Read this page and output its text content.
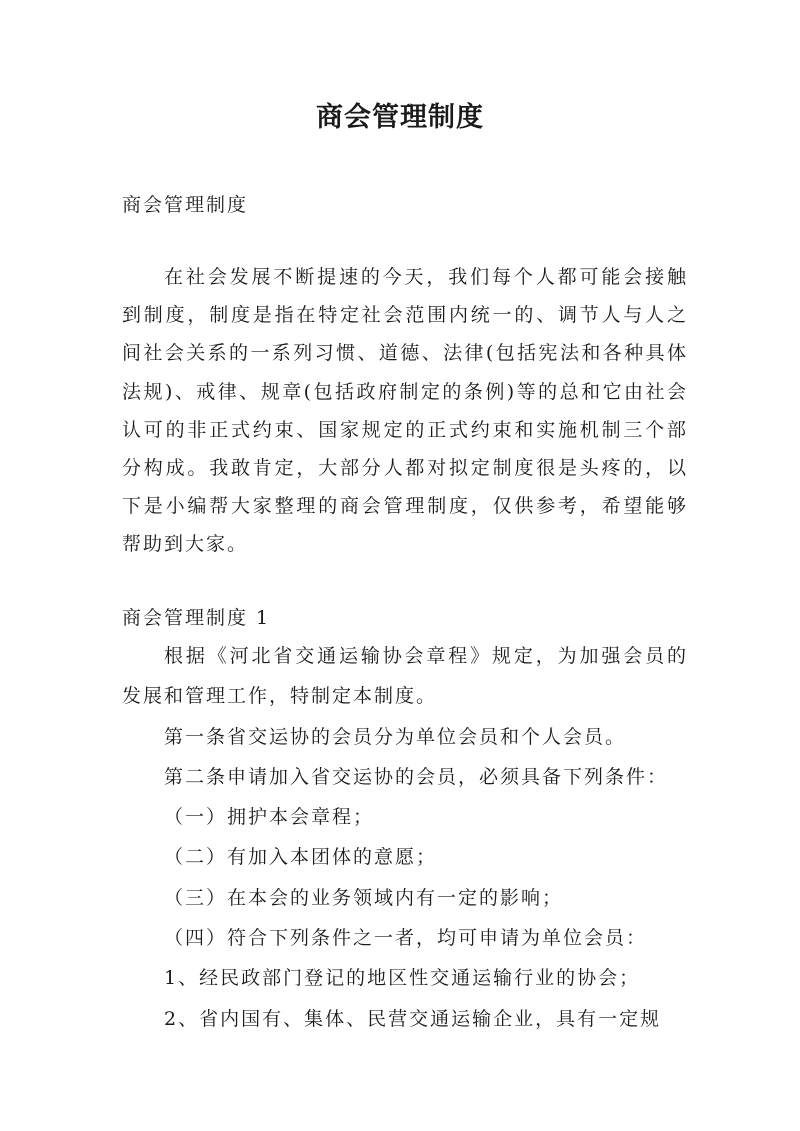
商会管理制度
商会管理制度

在社会发展不断提速的今天，我们每个人都可能会接触到制度，制度是指在特定社会范围内统一的、调节人与人之间社会关系的一系列习惯、道德、法律(包括宪法和各种具体法规)、戒律、规章(包括政府制定的条例)等的总和它由社会认可的非正式约束、国家规定的正式约束和实施机制三个部分构成。我敢肯定，大部分人都对拟定制度很是头疼的，以下是小编帮大家整理的商会管理制度，仅供参考，希望能够帮助到大家。

商会管理制度 1

根据《河北省交通运输协会章程》规定，为加强会员的发展和管理工作，特制定本制度。

第一条省交运协的会员分为单位会员和个人会员。

第二条申请加入省交运协的会员，必须具备下列条件：

（一）拥护本会章程；

（二）有加入本团体的意愿；

（三）在本会的业务领域内有一定的影响；

（四）符合下列条件之一者，均可申请为单位会员：

1、经民政部门登记的地区性交通运输行业的协会；

2、省内国有、集体、民营交通运输企业，具有一定规
